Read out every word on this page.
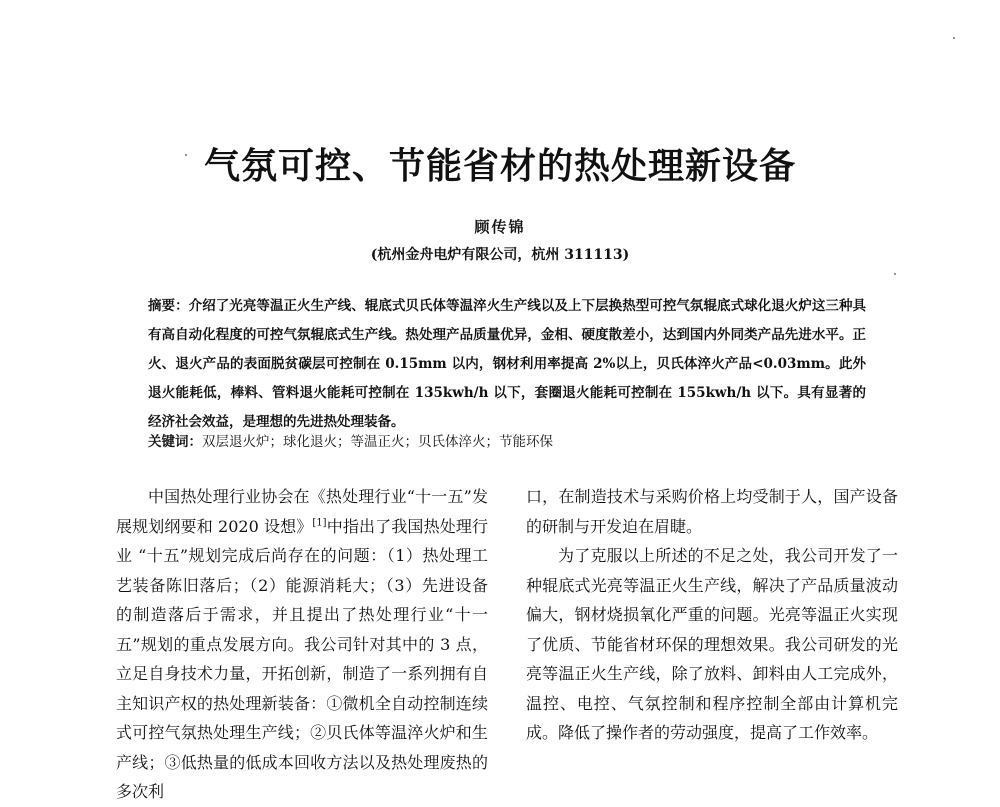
气氛可控、节能省材的热处理新设备
顾传锦
(杭州金舟电炉有限公司，杭州 311113)
摘要：介绍了光亮等温正火生产线、辊底式贝氏体等温淬火生产线以及上下层换热型可控气氛辊底式球化退火炉这三种具有高自动化程度的可控气氛辊底式生产线。热处理产品质量优异，金相、硬度散差小，达到国内外同类产品先进水平。正火、退火产品的表面脱贫碳层可控制在 0.15mm 以内，钢材利用率提高 2%以上，贝氏体淬火产品<0.03mm。此外退火能耗低，棒料、管料退火能耗可控制在 135kwh/h 以下，套圈退火能耗可控制在 155kwh/h 以下。具有显著的经济社会效益，是理想的先进热处理装备。
关键词：双层退火炉；球化退火；等温正火；贝氏体淬火；节能环保

中国热处理行业协会在《热处理行业“十一五”发展规划纲要和 2020 设想》[1]中指出了我国热处理行业 “十五”规划完成后尚存在的问题：（1）热处理工艺装备陈旧落后；（2）能源消耗大；（3）先进设备的制造落后于需求，并且提出了热处理行业“十一五”规划的重点发展方向。我公司针对其中的 3 点，立足自身技术力量，开拓创新，制造了一系列拥有自主知识产权的热处理新装备：①微机全自动控制连续式可控气氛热处理生产线；②贝氏体等温淬火炉和生产线；③低热量的低成本回收方法以及热处理废热的多次利

口，在制造技术与采购价格上均受制于人，国产设备的研制与开发迫在眉睫。

为了克服以上所述的不足之处，我公司开发了一种辊底式光亮等温正火生产线，解决了产品质量波动偏大，钢材烧损氧化严重的问题。光亮等温正火实现了优质、节能省材环保的理想效果。我公司研发的光亮等温正火生产线，除了放料、卸料由人工完成外，温控、电控、气氛控制和程序控制全部由计算机完成。降低了操作者的劳动强度，提高了工作效率。
